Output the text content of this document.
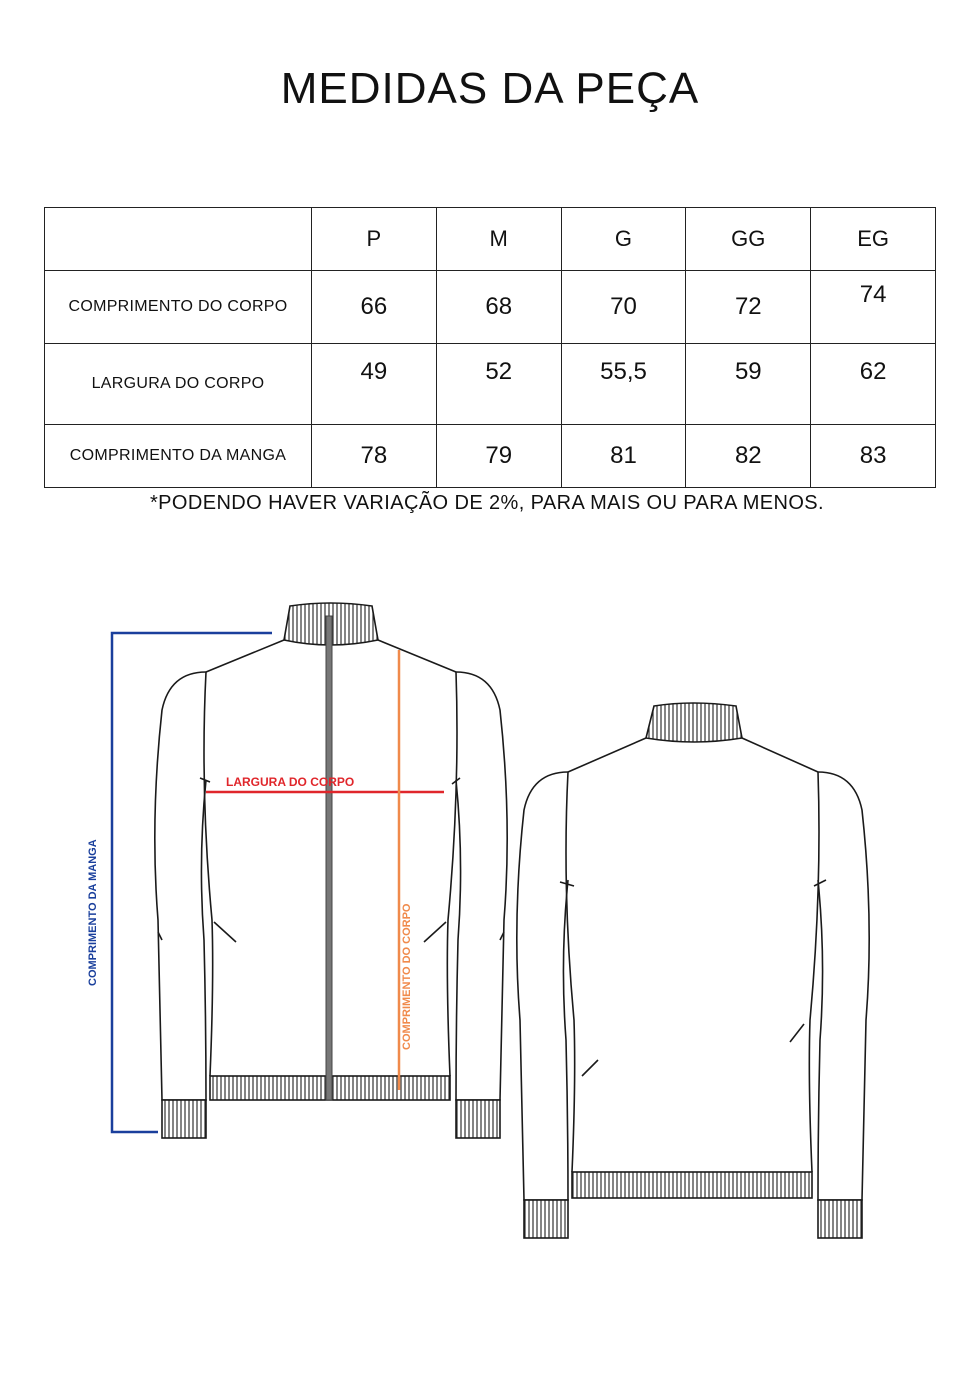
MEDIDAS DA PEÇA
	P	M	G	GG	EG
COMPRIMENTO DO CORPO	66	68	70	72	74
LARGURA DO CORPO	49	52	55,5	59	62
COMPRIMENTO DA MANGA	78	79	81	82	83
*PODENDO HAVER VARIAÇÃO DE 2%, PARA MAIS OU PARA MENOS.
LARGURA DO CORPO
COMPRIMENTO DO CORPO
COMPRIMENTO DA MANGA
